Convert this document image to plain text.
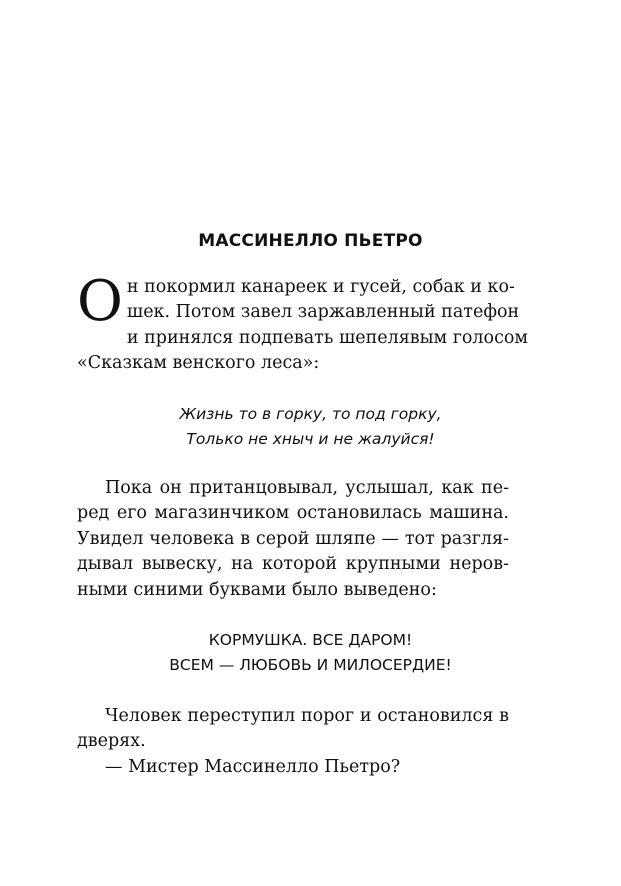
МАССИНЕЛЛО ПЬЕТРО
О н покормил канареек и гусей, собак и ко-
шек. Потом завел заржавленный патефон
и принялся подпевать шепелявым голосом
«Сказкам венского леса»:
Жизнь то в горку, то под горку,
Только не хныч и не жалуйся!
Пока он пританцовывал, услышал, как пе-
ред его магазинчиком остановилась машина.
Увидел человека в серой шляпе — тот разгля-
дывал вывеску, на которой крупными неров-
ными синими буквами было выведено:
КОРМУШКА. ВСЕ ДАРОМ!
ВСЕМ — ЛЮБОВЬ И МИЛОСЕРДИЕ!
Человек переступил порог и остановился в
дверях.
— Мистер Массинелло Пьетро?
